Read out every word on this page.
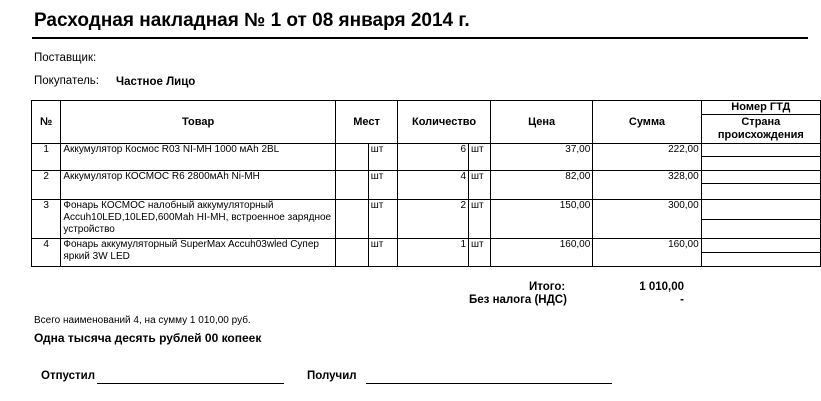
Расходная накладная № 1 от 08 января 2014 г.
Поставщик:
Покупатель: Частное Лицо
№	Товар	Мест		Количество		Цена	Сумма	Номер ГТД
Страна происхождения

1	Аккумулятор Космос R03 NI-MH 1000 мАh 2BL		шт	6	шт	37,00	222,00	

2	Аккумулятор КОСМОС R6 2800мАh Ni-MH		шт	4	шт	82,00	328,00	

3	Фонарь КОСМОС налобный аккумуляторный Accuh10LED,10LED,600Mah HI-MH, встроенное зарядное устройство		шт	2	шт	150,00	300,00	

4	Фонарь аккумуляторный SuperMax Accuh03wled Супер яркий 3W LED		шт	1	шт	160,00	160,00	
Итого:	1 010,00
Без налога (НДС)	-
Всего наименований 4, на сумму 1 010,00 руб.
Одна тысяча десять рублей 00 копеек
Отпустил	Получил
